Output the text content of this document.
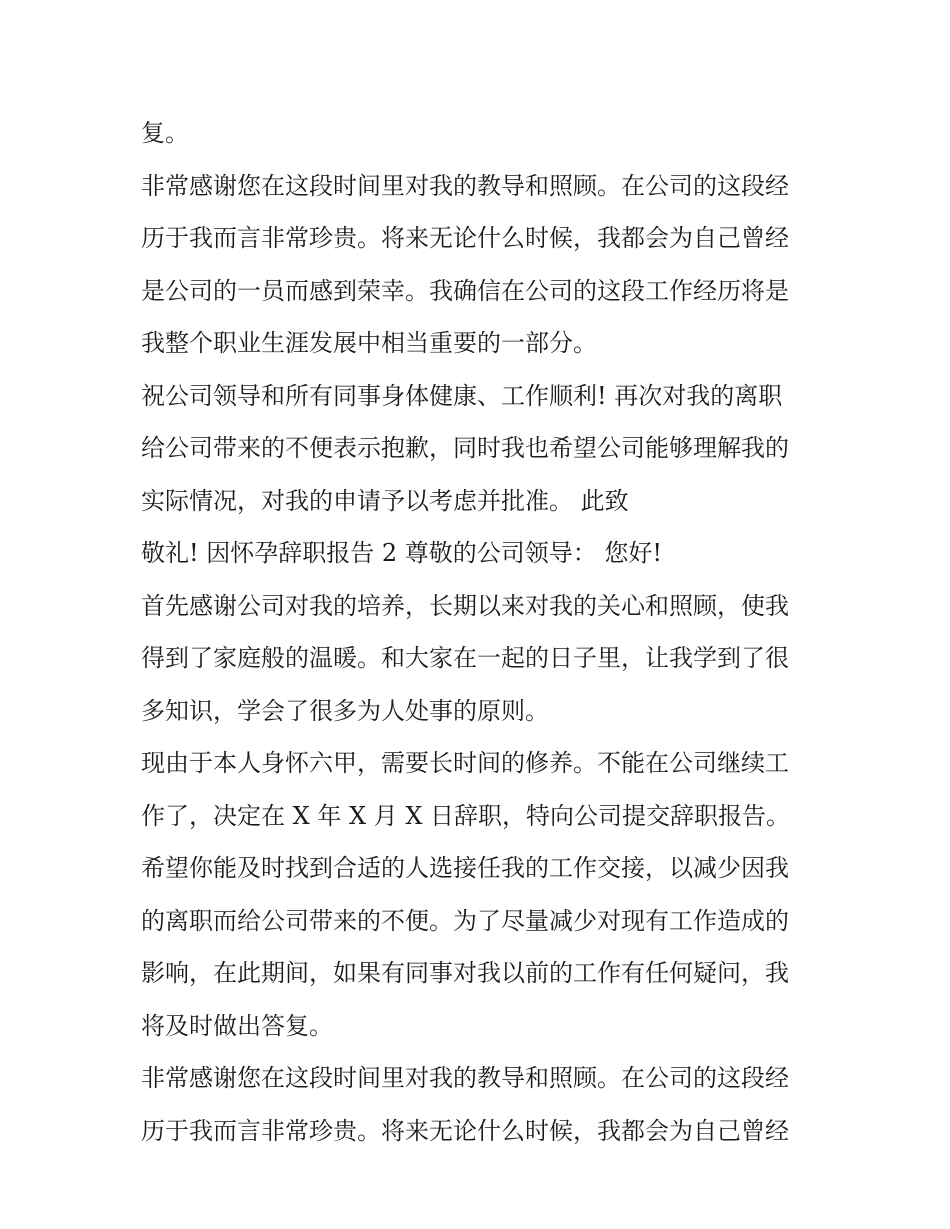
复。
非常感谢您在这段时间里对我的教导和照顾。在公司的这段经
历于我而言非常珍贵。将来无论什么时候，我都会为自己曾经
是公司的一员而感到荣幸。我确信在公司的这段工作经历将是
我整个职业生涯发展中相当重要的一部分。
祝公司领导和所有同事身体健康、工作顺利! 再次对我的离职
给公司带来的不便表示抱歉，同时我也希望公司能够理解我的
实际情况，对我的申请予以考虑并批准。 此致
敬礼! 因怀孕辞职报告 2 尊敬的公司领导： 您好!
首先感谢公司对我的培养，长期以来对我的关心和照顾，使我
得到了家庭般的温暖。和大家在一起的日子里，让我学到了很
多知识，学会了很多为人处事的原则。
现由于本人身怀六甲，需要长时间的修养。不能在公司继续工
作了，决定在 X 年 X 月 X 日辞职，特向公司提交辞职报告。
希望你能及时找到合适的人选接任我的工作交接，以减少因我
的离职而给公司带来的不便。为了尽量减少对现有工作造成的
影响，在此期间，如果有同事对我以前的工作有任何疑问，我
将及时做出答复。
非常感谢您在这段时间里对我的教导和照顾。在公司的这段经
历于我而言非常珍贵。将来无论什么时候，我都会为自己曾经
